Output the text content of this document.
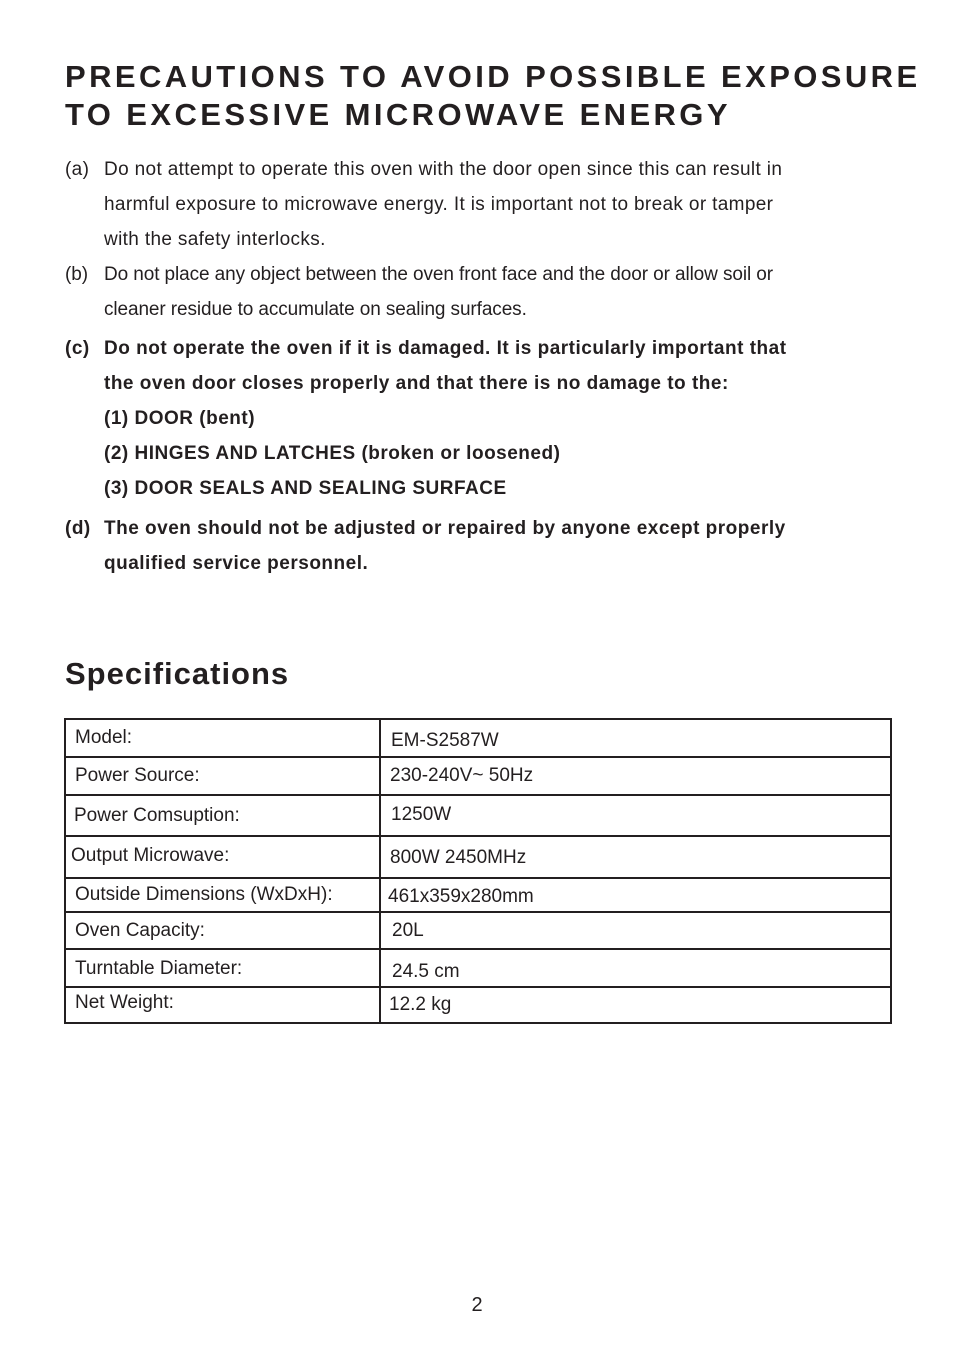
PRECAUTIONS TO AVOID POSSIBLE EXPOSURE
TO EXCESSIVE MICROWAVE ENERGY

(a) Do not attempt to operate this oven with the door open since this can result in
harmful exposure to microwave energy. It is important not to break or tamper
with the safety interlocks.

(b) Do not place any object between the oven front face and the door or allow soil or
cleaner residue to accumulate on sealing surfaces.

(c) Do not operate the oven if it is damaged. It is particularly important that
the oven door closes properly and that there is no damage to the:
(1) DOOR (bent)
(2) HINGES AND LATCHES (broken or loosened)
(3) DOOR SEALS AND SEALING SURFACE

(d) The oven should not be adjusted or repaired by anyone except properly
qualified service personnel.

Specifications
Model:	EM-S2587W
Power Source:	230-240V~ 50Hz
Power Comsuption:	1250W
Output Microwave:	800W 2450MHz
Outside Dimensions (WxDxH):	461x359x280mm
Oven Capacity:	20L
Turntable Diameter:	24.5 cm
Net Weight:	12.2 kg
2
